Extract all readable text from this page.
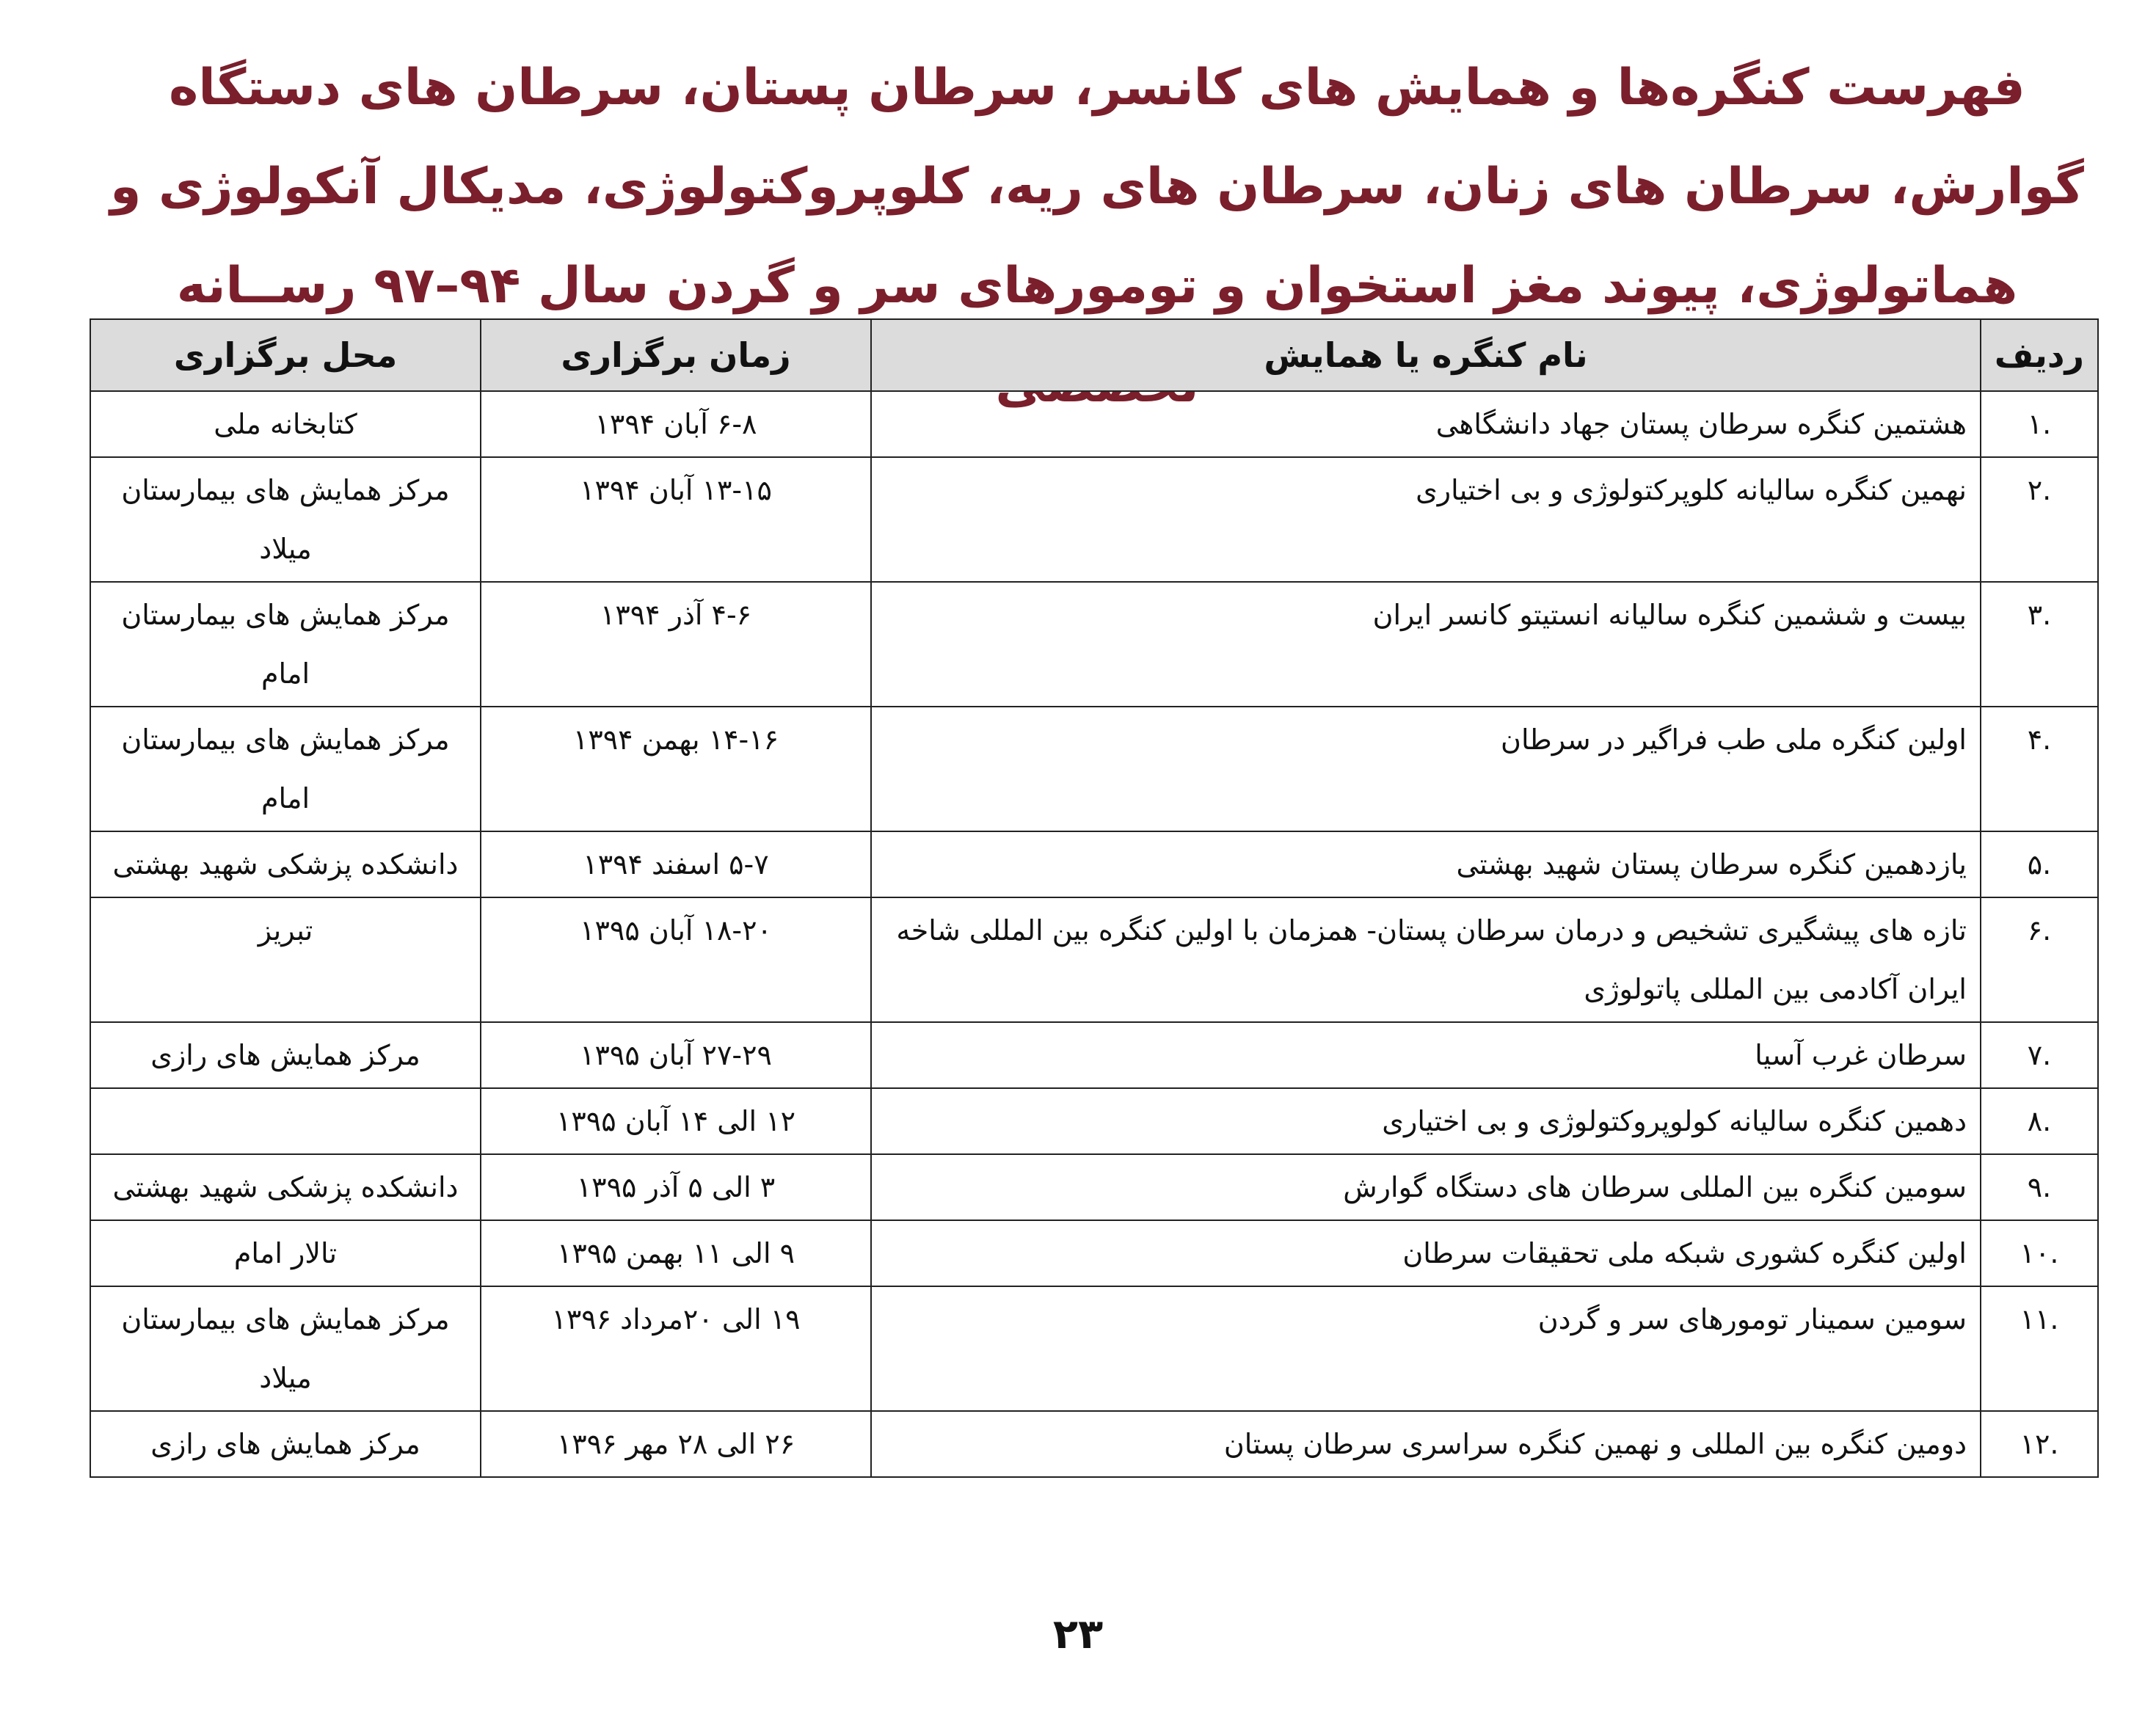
فهرست کنگره‌ها و همایش های کانسر، سرطان پستان، سرطان های دستگاه گوارش، سرطان های زنان، سرطان های ریه، کلوپروکتولوژی، مدیکال آنکولوژی و هماتولوژی، پیوند مغز استخوان و تومورهای سر و گردن سال ۹۴–۹۷ رســانه
ردیف	نام کنگره یا همایش	زمان برگزاری	محل برگزاری
.۱	هشتمین کنگره سرطان پستان جهاد دانشگاهی	۶-۸ آبان ۱۳۹۴	کتابخانه ملی
.۲	نهمین کنگره سالیانه کلوپرکتولوژی و بی اختیاری	۱۳-۱۵ آبان ۱۳۹۴	مرکز همایش های بیمارستان میلاد
.۳	بیست و ششمین کنگره سالیانه انستیتو کانسر ایران	۴-۶ آذر ۱۳۹۴	مرکز همایش های بیمارستان امام
.۴	اولین کنگره ملی طب فراگیر در سرطان	۱۴-۱۶ بهمن ۱۳۹۴	مرکز همایش های بیمارستان امام
.۵	یازدهمین کنگره سرطان پستان شهید بهشتی	۵-۷ اسفند ۱۳۹۴	دانشکده پزشکی شهید بهشتی
.۶	تازه های پیشگیری تشخیص و درمان سرطان پستان- همزمان با اولین کنگره بین المللی شاخه ایران آکادمی بین المللی پاتولوژی	۱۸-۲۰ آبان ۱۳۹۵	تبریز
.۷	سرطان غرب آسیا	۲۷-۲۹ آبان ۱۳۹۵	مرکز همایش های رازی
.۸	دهمین کنگره سالیانه کولوپروکتولوژی و بی اختیاری	۱۲ الی ۱۴ آبان ۱۳۹۵	
.۹	سومین کنگره بین المللی سرطان های دستگاه گوارش	۳ الی ۵ آذر ۱۳۹۵	دانشکده پزشکی شهید بهشتی
.۱۰	اولین کنگره کشوری شبکه ملی تحقیقات سرطان	۹ الی ۱۱ بهمن ۱۳۹۵	تالار امام
.۱۱	سومین سمینار تومورهای سر و گردن	۱۹ الی ۲۰مرداد ۱۳۹۶	مرکز همایش های بیمارستان میلاد
.۱۲	دومین کنگره بین المللی و نهمین کنگره سراسری سرطان پستان	۲۶ الی ۲۸ مهر ۱۳۹۶	مرکز همایش های رازی
۲۳
